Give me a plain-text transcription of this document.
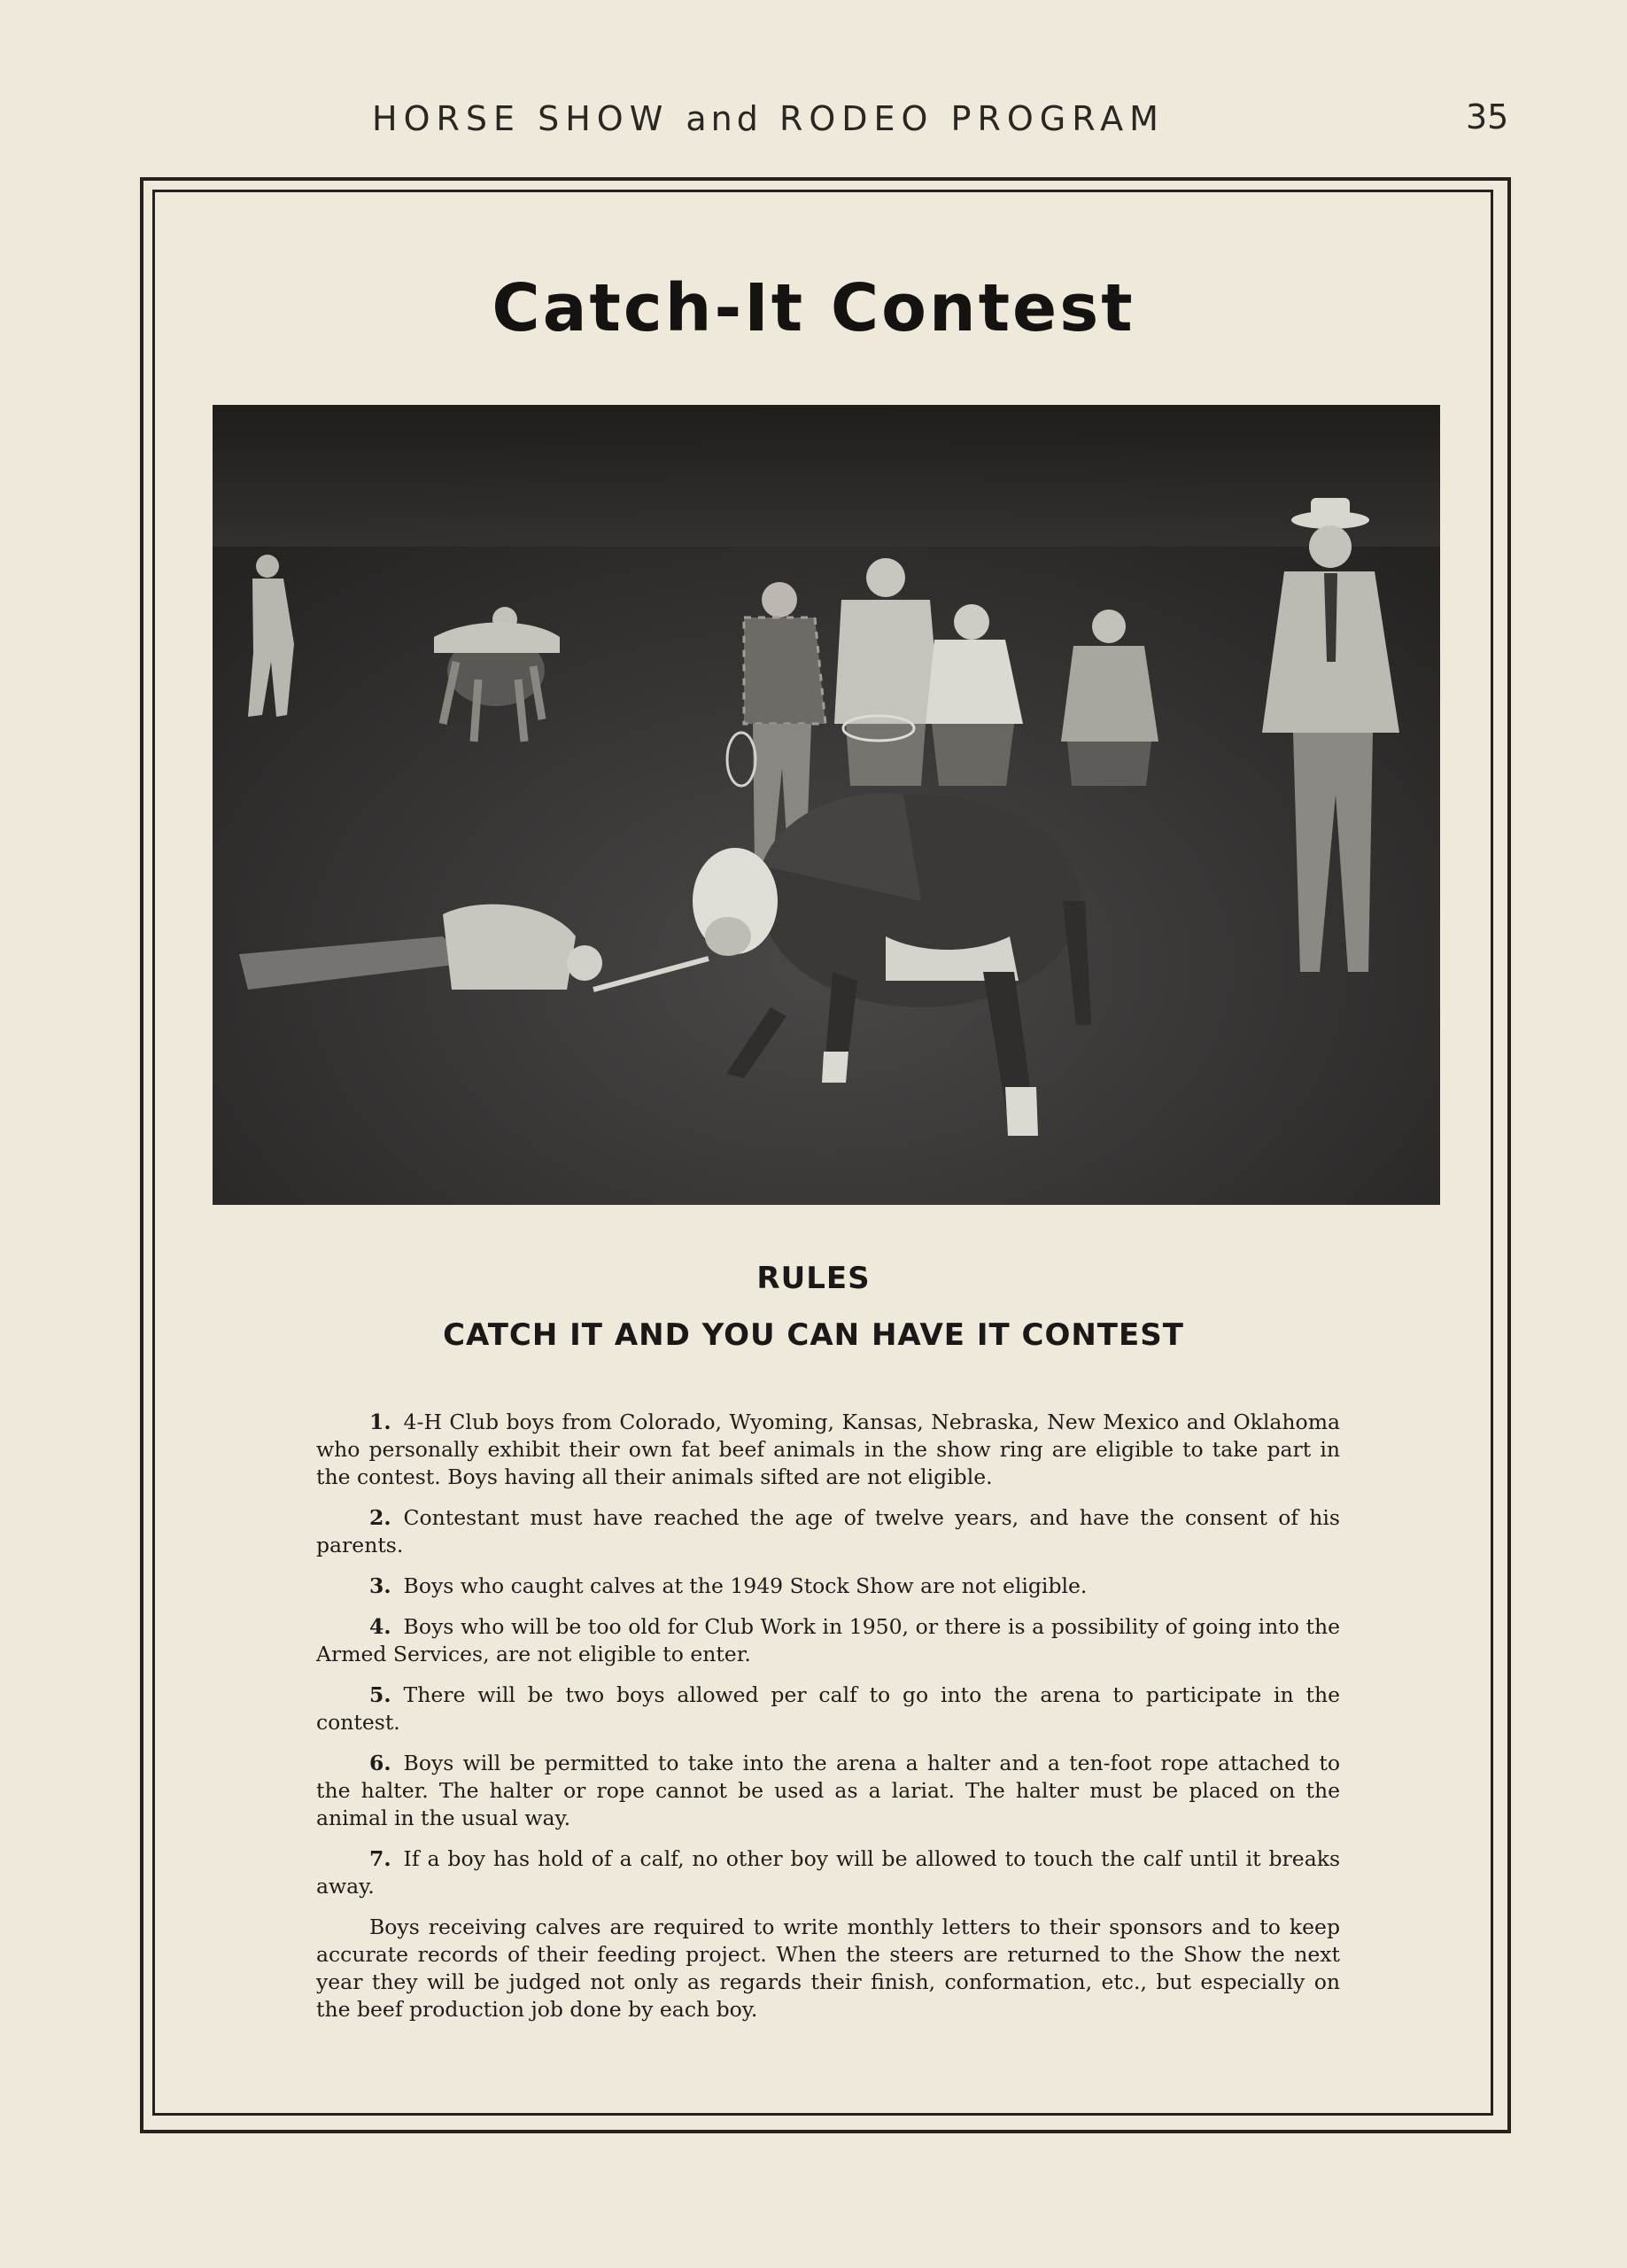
HORSE SHOW and RODEO PROGRAM	35
Catch-It Contest
RULES
CATCH IT AND YOU CAN HAVE IT CONTEST

1. 4-H Club boys from Colorado, Wyoming, Kansas, Nebraska, New Mexico and Oklahoma who personally exhibit their own fat beef animals in the show ring are eligible to take part in the contest. Boys having all their animals sifted are not eligible.

2. Contestant must have reached the age of twelve years, and have the consent of his parents.

3. Boys who caught calves at the 1949 Stock Show are not eligible.

4. Boys who will be too old for Club Work in 1950, or there is a possibility of going into the Armed Services, are not eligible to enter.

5. There will be two boys allowed per calf to go into the arena to participate in the contest.

6. Boys will be permitted to take into the arena a halter and a ten-foot rope attached to the halter. The halter or rope cannot be used as a lariat. The halter must be placed on the animal in the usual way.

7. If a boy has hold of a calf, no other boy will be allowed to touch the calf until it breaks away.

Boys receiving calves are required to write monthly letters to their sponsors and to keep accurate records of their feeding project. When the steers are returned to the Show the next year they will be judged not only as regards their finish, conformation, etc., but especially on the beef production job done by each boy.
